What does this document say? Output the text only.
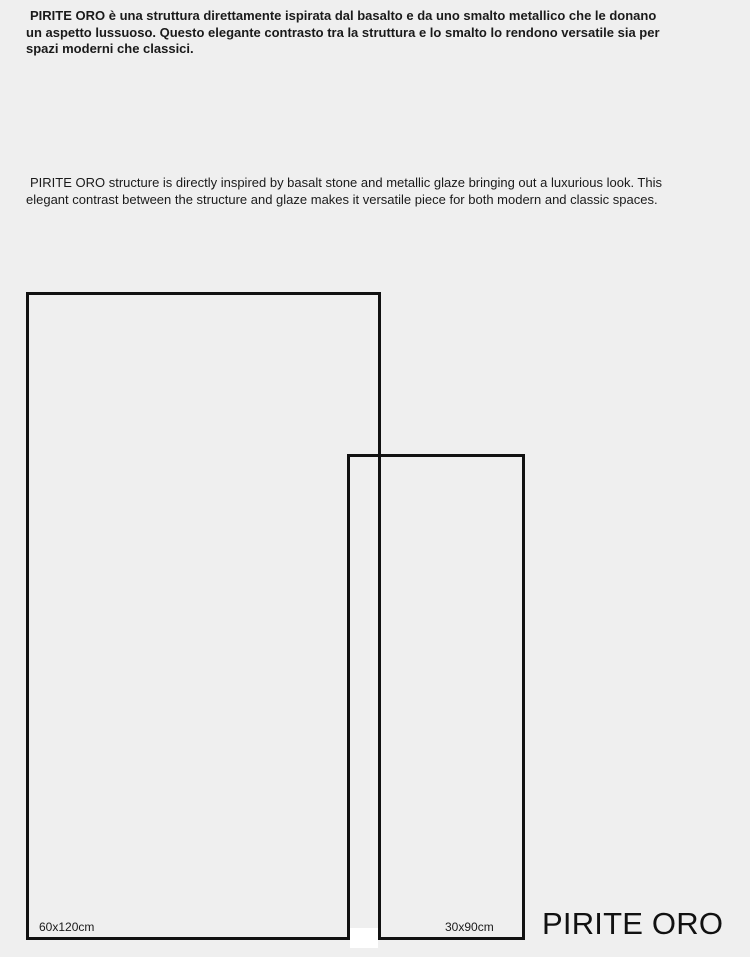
PIRITE ORO è una struttura direttamente ispirata dal basalto e da uno smalto metallico che le donano un aspetto lussuoso. Questo elegante contrasto tra la struttura e lo smalto lo rendono versatile sia per spazi moderni che classici.

PIRITE ORO structure is directly inspired by basalt stone and metallic glaze bringing out a luxurious look. This elegant contrast between the structure and glaze makes it versatile piece for both modern and classic spaces.

60x120cm	30x90cm PIRITE ORO
